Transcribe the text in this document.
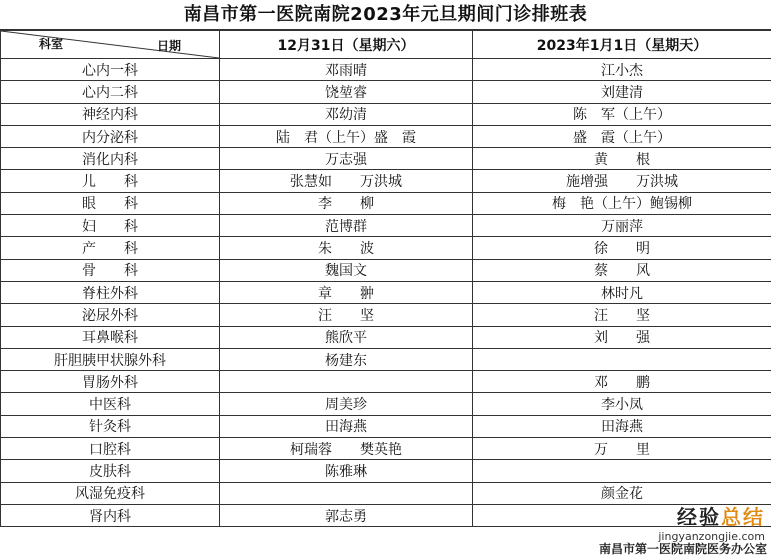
南昌市第一医院南院2023年元旦期间门诊排班表
日期
科室	12月31日（星期六）	2023年1月1日（星期天）
心内一科	邓雨晴	江小杰
心内二科	饶堃睿	刘建清
神经内科	邓幼清	陈　军（上午）
内分泌科	陆　君（上午）盛　霞	盛　霞（上午）
消化内科	万志强	黄　　根
儿　　科	张慧如　　万洪城	施增强　　万洪城
眼　　科	李　　柳	梅　艳（上午）鲍锡柳
妇　　科	范博群	万丽萍
产　　科	朱　　波	徐　　明
骨　　科	魏国文	蔡　　风
脊柱外科	章　　翀	林时凡
泌尿外科	汪　　坚	汪　　坚
耳鼻喉科	熊欣平	刘　　强
肝胆胰甲状腺外科	杨建东	
胃肠外科		邓　　鹏
中医科	周美珍	李小凤
针灸科	田海燕	田海燕
口腔科	柯瑞蓉　　樊英艳	万　　里
皮肤科	陈雅琳	
风湿免疫科		颜金花
肾内科	郭志勇		经验总结
jingyanzongjie.com
南昌市第一医院南院医务办公室
